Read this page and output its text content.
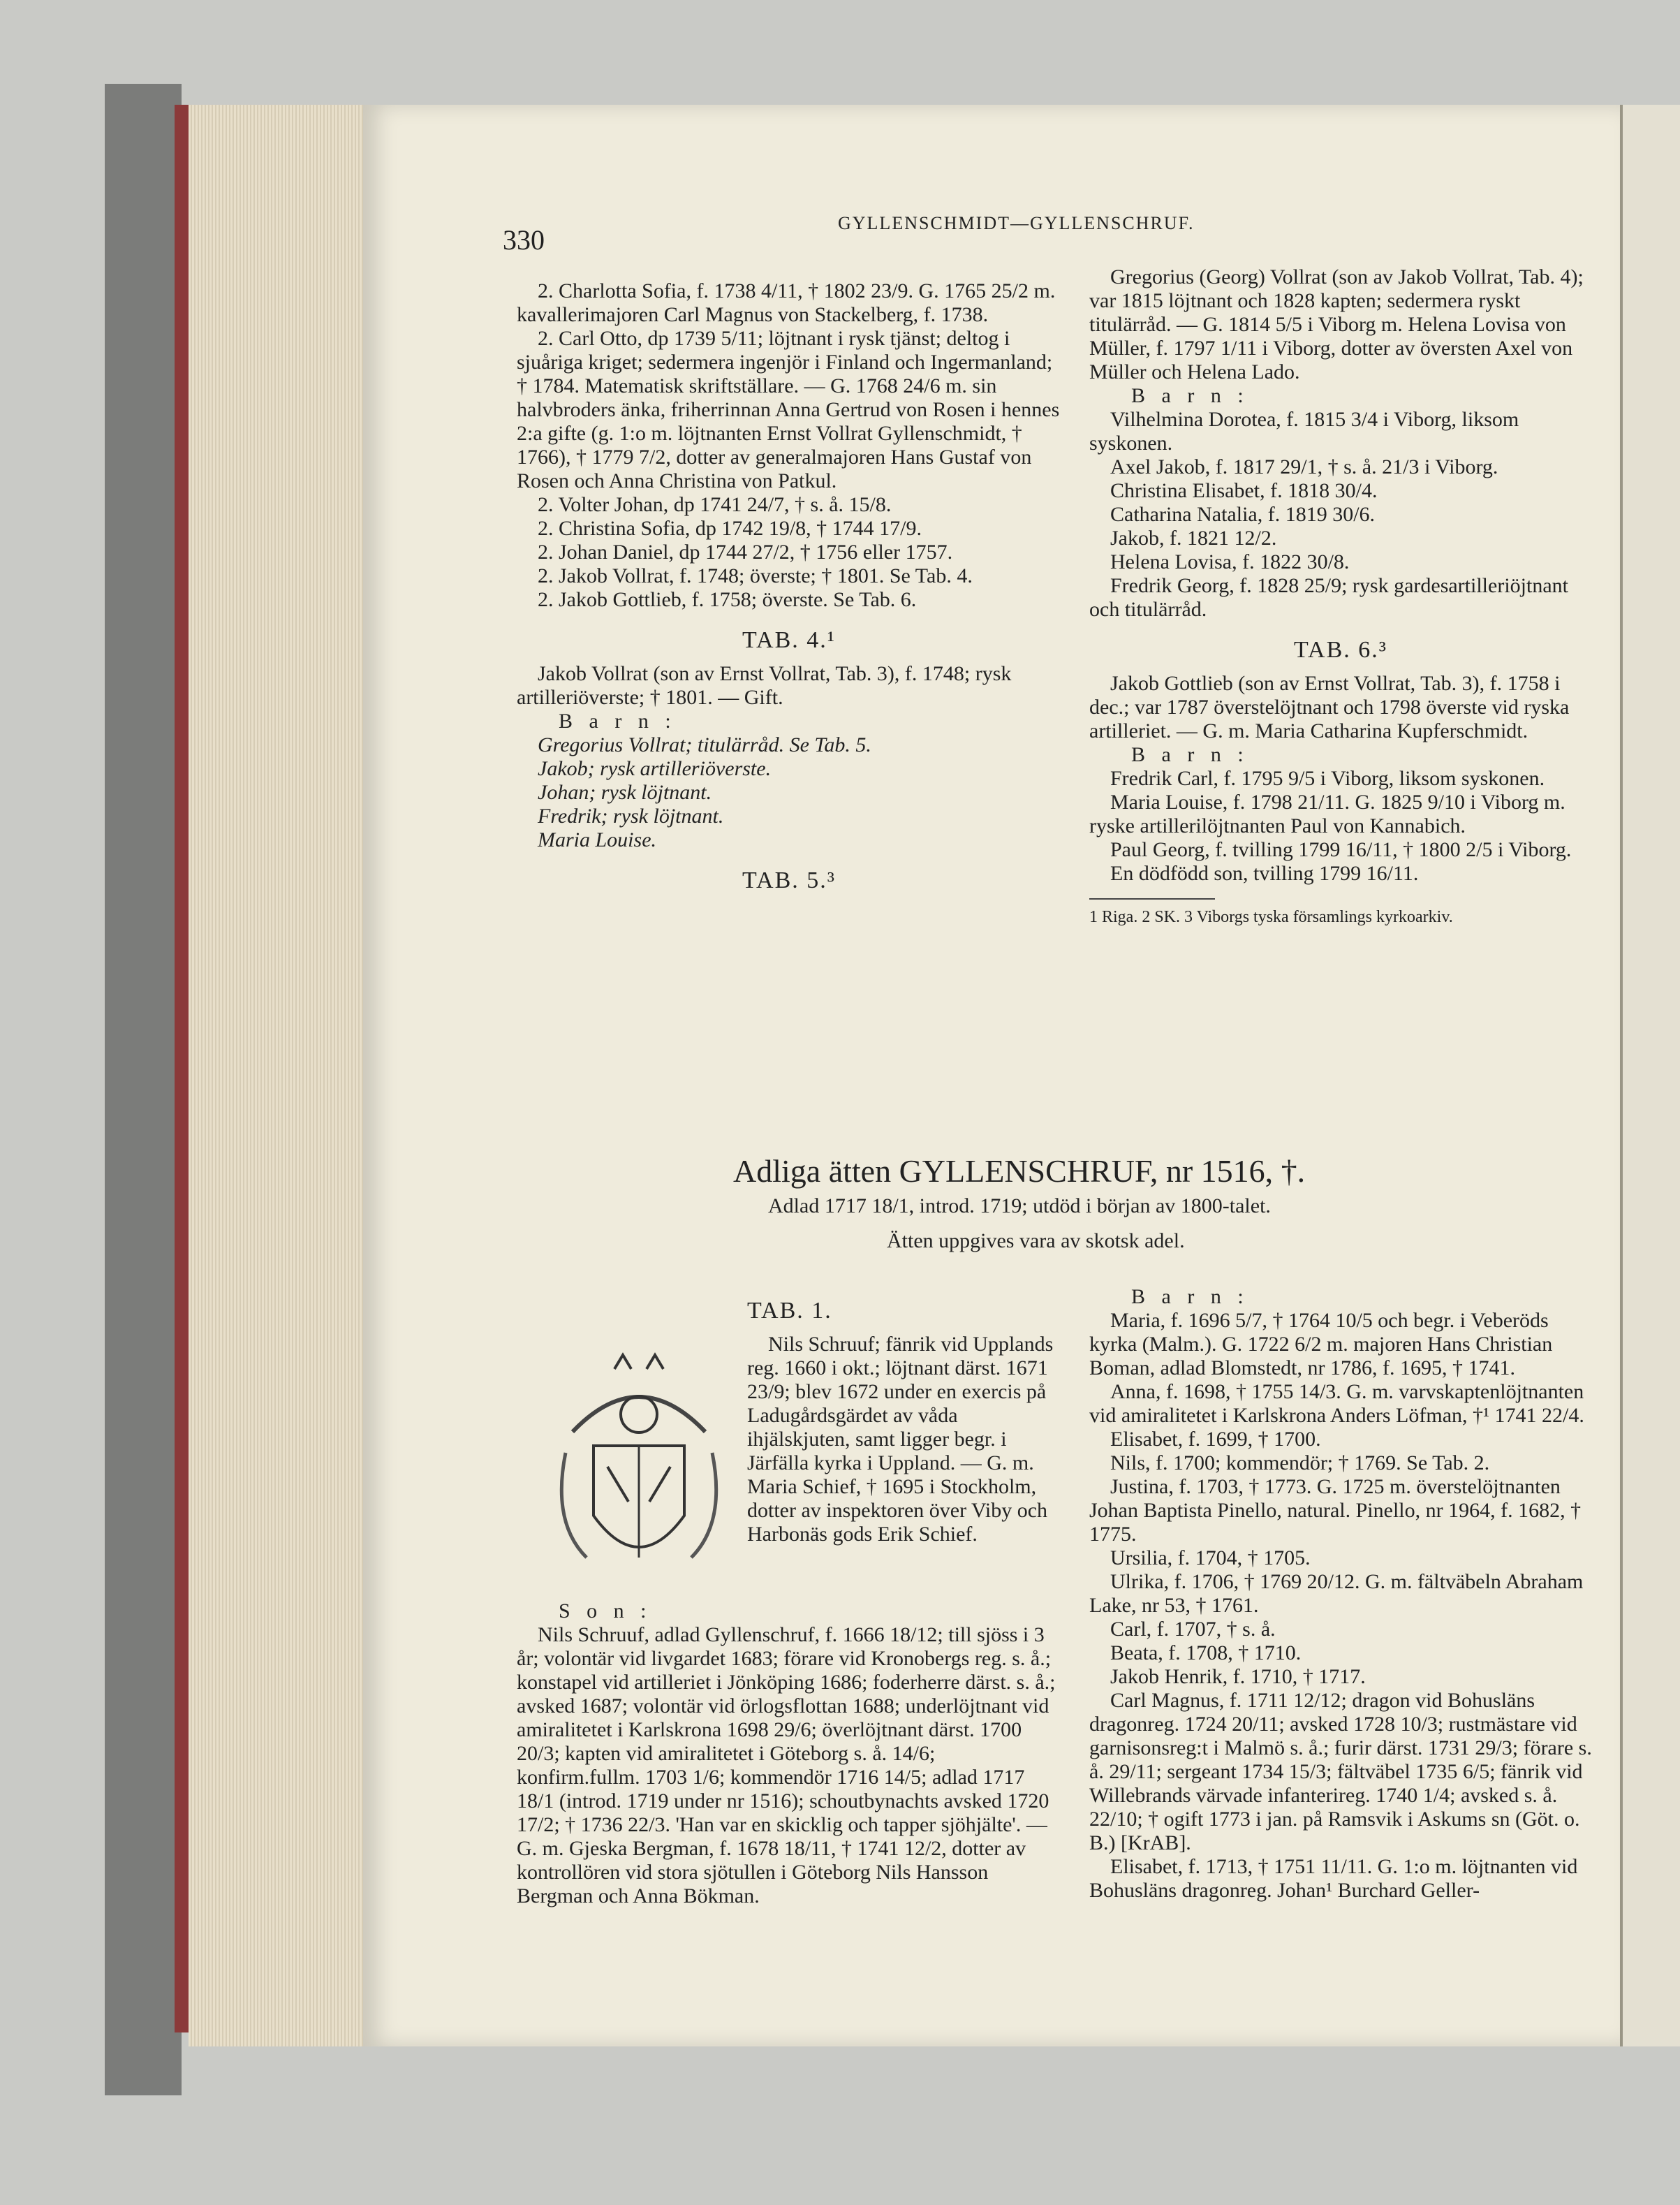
330
GYLLENSCHMIDT—GYLLENSCHRUF.

2. Charlotta Sofia, f. 1738 4/11, † 1802 23/9. G. 1765 25/2 m. kavallerimajoren Carl Magnus von Stackelberg, f. 1738.

2. Carl Otto, dp 1739 5/11; löjtnant i rysk tjänst; deltog i sjuåriga kriget; sedermera ingenjör i Finland och Ingermanland; † 1784. Matematisk skriftställare. — G. 1768 24/6 m. sin halvbroders änka, friherrinnan Anna Gertrud von Rosen i hennes 2:a gifte (g. 1:o m. löjtnanten Ernst Vollrat Gyllenschmidt, † 1766), † 1779 7/2, dotter av generalmajoren Hans Gustaf von Rosen och Anna Christina von Patkul.

2. Volter Johan, dp 1741 24/7, † s. å. 15/8.

2. Christina Sofia, dp 1742 19/8, † 1744 17/9.

2. Johan Daniel, dp 1744 27/2, † 1756 eller 1757.

2. Jakob Vollrat, f. 1748; överste; † 1801. Se Tab. 4.

2. Jakob Gottlieb, f. 1758; överste. Se Tab. 6.

TAB. 4.¹

Jakob Vollrat (son av Ernst Vollrat, Tab. 3), f. 1748; rysk artilleriöverste; † 1801. — Gift.

B a r n :

Gregorius Vollrat; titulärråd. Se Tab. 5.

Jakob; rysk artilleriöverste.

Johan; rysk löjtnant.

Fredrik; rysk löjtnant.

Maria Louise.

TAB. 5.³

Gregorius (Georg) Vollrat (son av Jakob Vollrat, Tab. 4); var 1815 löjtnant och 1828 kapten; sedermera ryskt titulärråd. — G. 1814 5/5 i Viborg m. Helena Lovisa von Müller, f. 1797 1/11 i Viborg, dotter av översten Axel von Müller och Helena Lado.

B a r n :

Vilhelmina Dorotea, f. 1815 3/4 i Viborg, liksom syskonen.

Axel Jakob, f. 1817 29/1, † s. å. 21/3 i Viborg.

Christina Elisabet, f. 1818 30/4.

Catharina Natalia, f. 1819 30/6.

Jakob, f. 1821 12/2.

Helena Lovisa, f. 1822 30/8.

Fredrik Georg, f. 1828 25/9; rysk gardesartilleriöjtnant och titulärråd.

TAB. 6.³

Jakob Gottlieb (son av Ernst Vollrat, Tab. 3), f. 1758 i dec.; var 1787 överstelöjtnant och 1798 överste vid ryska artilleriet. — G. m. Maria Catharina Kupferschmidt.

B a r n :

Fredrik Carl, f. 1795 9/5 i Viborg, liksom syskonen.

Maria Louise, f. 1798 21/11. G. 1825 9/10 i Viborg m. ryske artillerilöjtnanten Paul von Kannabich.

Paul Georg, f. tvilling 1799 16/11, † 1800 2/5 i Viborg.

En dödfödd son, tvilling 1799 16/11.

1 Riga. 2 SK. 3 Viborgs tyska församlings kyrkoarkiv.

Adliga ätten GYLLENSCHRUF, nr 1516, †.
Adlad 1717 18/1, introd. 1719; utdöd i början av 1800-talet.
Ätten uppgives vara av skotsk adel.

TAB. 1.

Nils Schruuf; fänrik vid Upplands reg. 1660 i okt.; löjtnant därst. 1671 23/9; blev 1672 under en exercis på Ladugårdsgärdet av våda ihjälskjuten, samt ligger begr. i Järfälla kyrka i Uppland. — G. m. Maria Schief, † 1695 i Stockholm, dotter av inspektoren över Viby och Harbonäs gods Erik Schief.

S o n :

Nils Schruuf, adlad Gyllenschruf, f. 1666 18/12; till sjöss i 3 år; volontär vid livgardet 1683; förare vid Kronobergs reg. s. å.; konstapel vid artilleriet i Jönköping 1686; foderherre därst. s. å.; avsked 1687; volontär vid örlogsflottan 1688; underlöjtnant vid amiralitetet i Karlskrona 1698 29/6; överlöjtnant därst. 1700 20/3; kapten vid amiralitetet i Göteborg s. å. 14/6; konfirm.fullm. 1703 1/6; kommendör 1716 14/5; adlad 1717 18/1 (introd. 1719 under nr 1516); schoutbynachts avsked 1720 17/2; † 1736 22/3. 'Han var en skicklig och tapper sjöhjälte'. — G. m. Gjeska Bergman, f. 1678 18/11, † 1741 12/2, dotter av kontrollören vid stora sjötullen i Göteborg Nils Hansson Bergman och Anna Bökman.

B a r n :

Maria, f. 1696 5/7, † 1764 10/5 och begr. i Veberöds kyrka (Malm.). G. 1722 6/2 m. majoren Hans Christian Boman, adlad Blomstedt, nr 1786, f. 1695, † 1741.

Anna, f. 1698, † 1755 14/3. G. m. varvskaptenlöjtnanten vid amiralitetet i Karlskrona Anders Löfman, †¹ 1741 22/4.

Elisabet, f. 1699, † 1700.

Nils, f. 1700; kommendör; † 1769. Se Tab. 2.

Justina, f. 1703, † 1773. G. 1725 m. överstelöjtnanten Johan Baptista Pinello, natural. Pinello, nr 1964, f. 1682, † 1775.

Ursilia, f. 1704, † 1705.

Ulrika, f. 1706, † 1769 20/12. G. m. fältväbeln Abraham Lake, nr 53, † 1761.

Carl, f. 1707, † s. å.

Beata, f. 1708, † 1710.

Jakob Henrik, f. 1710, † 1717.

Carl Magnus, f. 1711 12/12; dragon vid Bohusläns dragonreg. 1724 20/11; avsked 1728 10/3; rustmästare vid garnisonsreg:t i Malmö s. å.; furir därst. 1731 29/3; förare s. å. 29/11; sergeant 1734 15/3; fältväbel 1735 6/5; fänrik vid Willebrands värvade infanterireg. 1740 1/4; avsked s. å. 22/10; † ogift 1773 i jan. på Ramsvik i Askums sn (Göt. o. B.) [KrAB].

Elisabet, f. 1713, † 1751 11/11. G. 1:o m. löjtnanten vid Bohusläns dragonreg. Johan¹ Burchard Geller-
